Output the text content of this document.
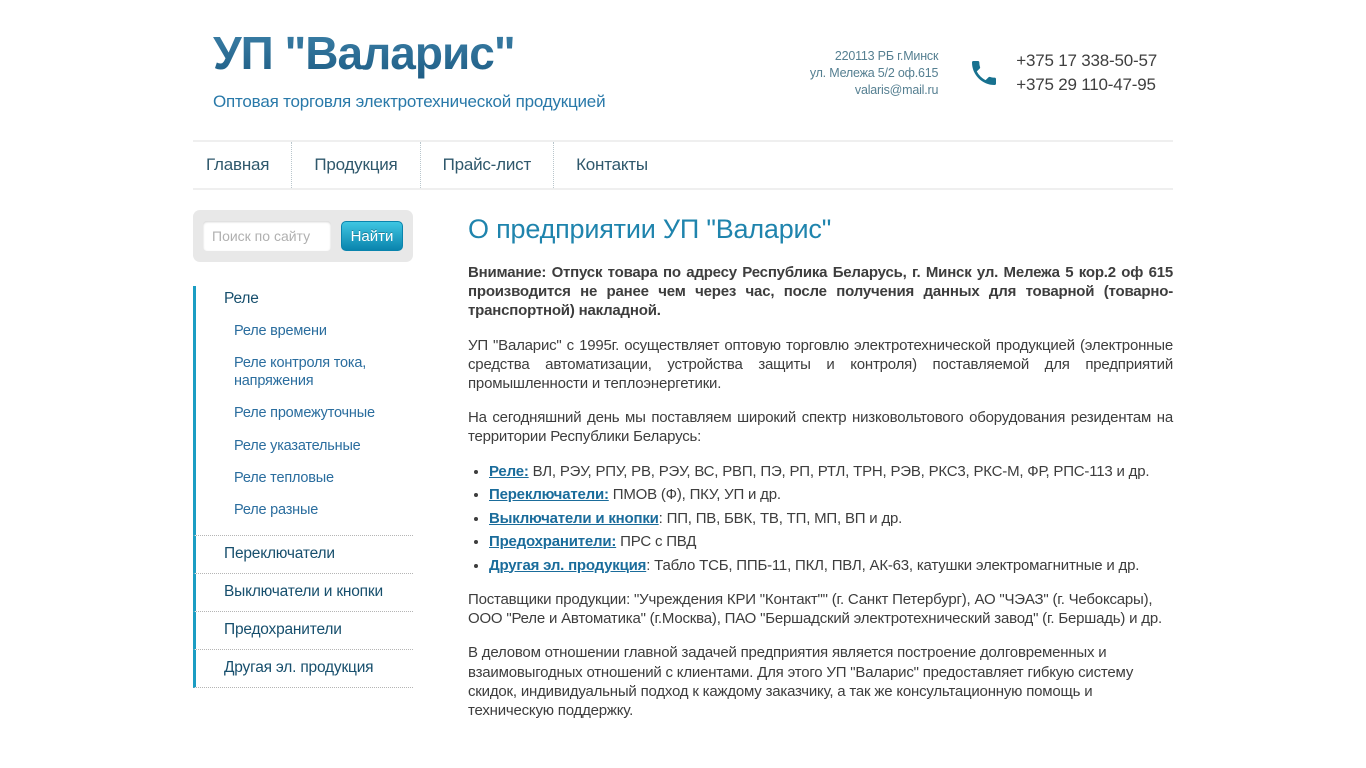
УП "Валарис"
Оптовая торговля электротехнической продукцией
220113 РБ г.Минск
ул. Мележа 5/2 оф.615
valaris@mail.ru
+375 17 338-50-57
+375 29 110-47-95
Главная	Продукция	Прайс-лист	Контакты
Поиск по сайту
Найти
Реле
Реле времени
Реле контроля тока, напряжения
Реле промежуточные
Реле указательные
Реле тепловые
Реле разные
Переключатели
Выключатели и кнопки
Предохранители
Другая эл. продукция
О предприятии УП "Валарис"

Внимание: Отпуск товара по адресу Республика Беларусь, г. Минск ул. Мележа 5 кор.2 оф 615 производится не ранее чем через час, после получения данных для товарной (товарно-транспортной) накладной.

УП "Валарис" с 1995г. осуществляет оптовую торговлю электротехнической продукцией (электронные средства автоматизации, устройства защиты и контроля) поставляемой для предприятий промышленности и теплоэнергетики.

На сегодняшний день мы поставляем широкий спектр низковольтового оборудования резидентам на территории Республики Беларусь:

• Реле: ВЛ, РЭУ, РПУ, РВ, РЭУ, ВС, РВП, ПЭ, РП, РТЛ, ТРН, РЭВ, РКС3, РКС-М, ФР, РПС-113 и др.
• Переключатели: ПМОВ (Ф), ПКУ, УП и др.
• Выключатели и кнопки: ПП, ПВ, БВК, ТВ, ТП, МП, ВП и др.
• Предохранители: ПРС с ПВД
• Другая эл. продукция: Табло ТСБ, ППБ-11, ПКЛ, ПВЛ, АК-63, катушки электромагнитные и др.

Поставщики продукции: "Учреждения КРИ "Контакт"" (г. Санкт Петербург), АО "ЧЭАЗ" (г. Чебоксары), ООО "Реле и Автоматика" (г.Москва), ПАО "Бершадский электротехнический завод" (г. Бершадь) и др.

В деловом отношении главной задачей предприятия является построение долговременных и взаимовыгодных отношений с клиентами. Для этого УП "Валарис" предоставляет гибкую систему скидок, индивидуальный подход к каждому заказчику, а так же консультационную помощь и техническую поддержку.
